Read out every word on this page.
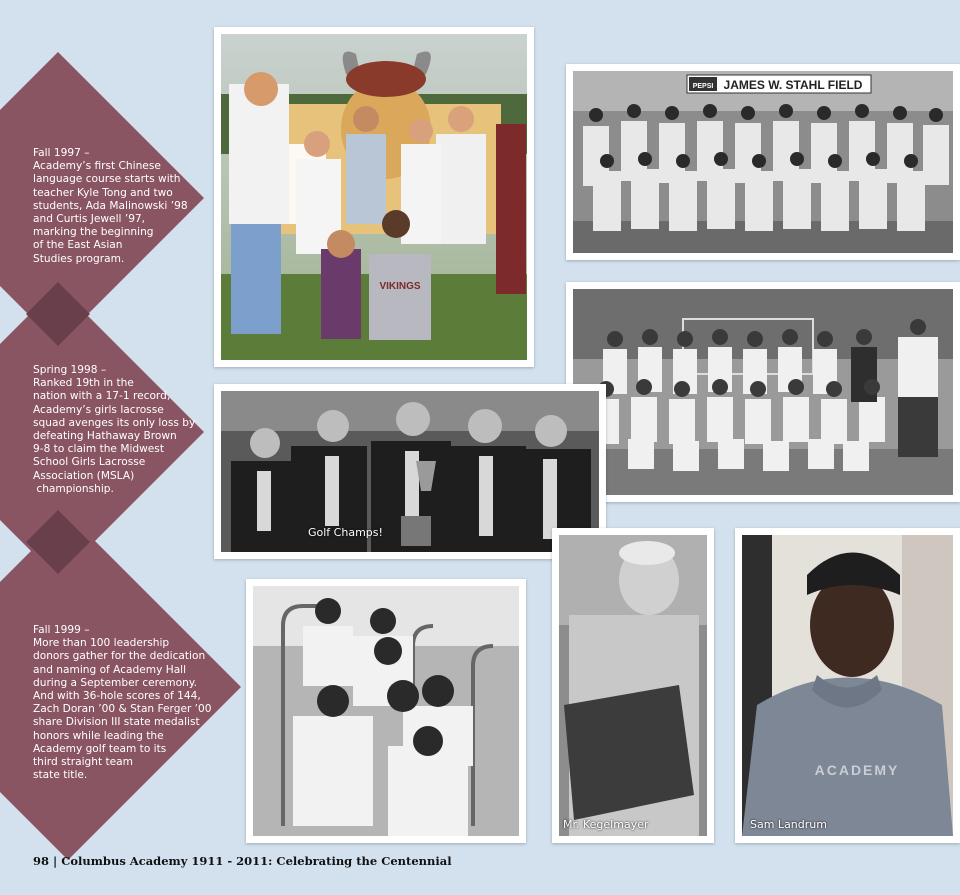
Fall 1997 –
Academy’s first Chinese
language course starts with
teacher Kyle Tong and two
students, Ada Malinowski ’98
and Curtis Jewell ’97,
marking the beginning
of the East Asian
Studies program.
Spring 1998 –
Ranked 19th in the
nation with a 17-1 record,
Academy’s girls lacrosse
squad avenges its only loss by
defeating Hathaway Brown
9-8 to claim the Midwest
School Girls Lacrosse
Association (MSLA)
championship.
Fall 1999 –
More than 100 leadership
donors gather for the dedication
and naming of Academy Hall
during a September ceremony.
And with 36-hole scores of 144,
Zach Doran ’00 & Stan Ferger ’00
share Division III state medalist
honors while leading the
Academy golf team to its
third straight team
state title.
VIKINGS
PEPSI JAMES W. STAHL FIELD
Golf Champs!
Mr. Kegelmayer
ACADEMY
Sam Landrum
98 | Columbus Academy 1911 - 2011: Celebrating the Centennial
